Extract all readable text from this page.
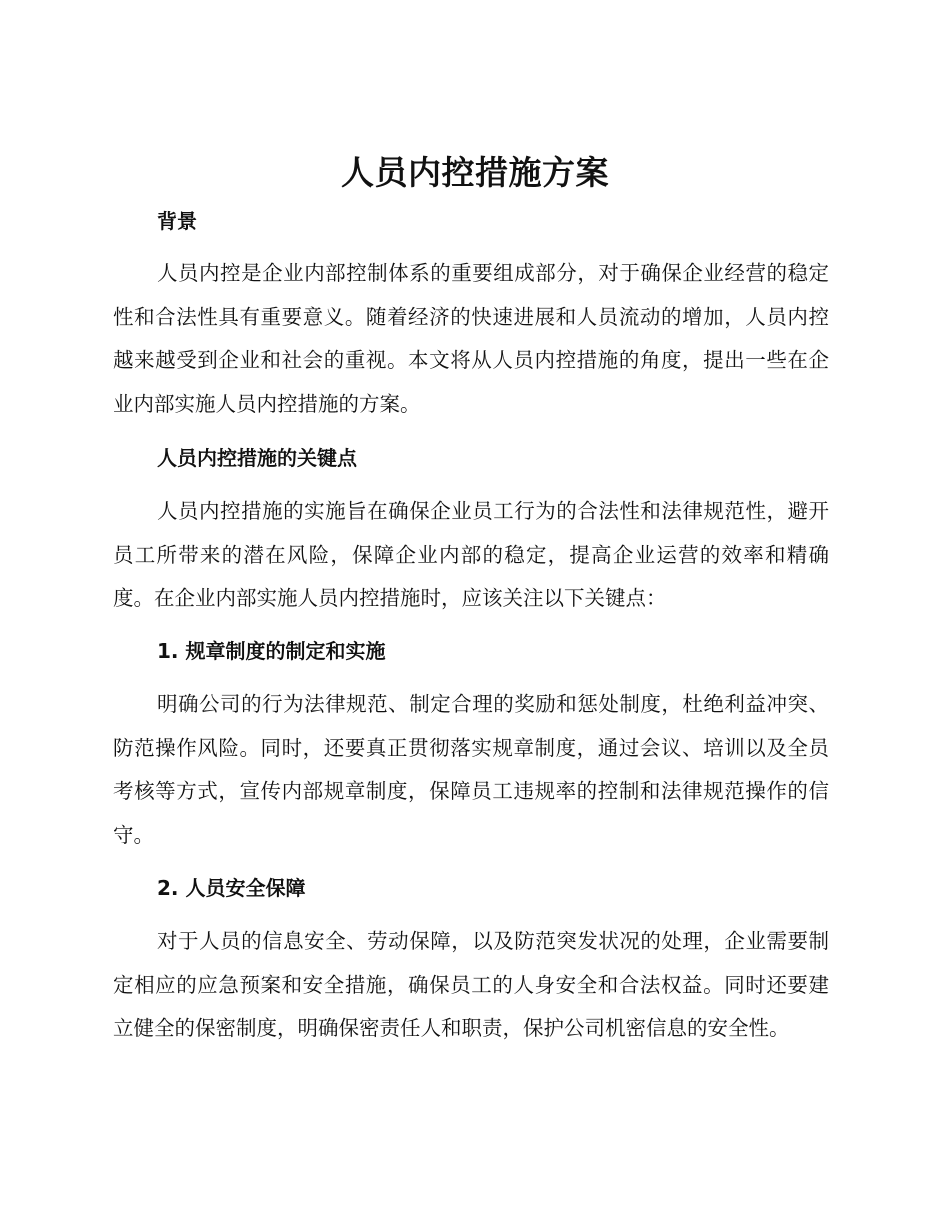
人员内控措施方案
背景
人员内控是企业内部控制体系的重要组成部分，对于确保企业经营的稳定性和合法性具有重要意义。随着经济的快速进展和人员流动的增加，人员内控越来越受到企业和社会的重视。本文将从人员内控措施的角度，提出一些在企业内部实施人员内控措施的方案。
人员内控措施的关键点
人员内控措施的实施旨在确保企业员工行为的合法性和法律规范性，避开员工所带来的潜在风险，保障企业内部的稳定，提高企业运营的效率和精确度。在企业内部实施人员内控措施时，应该关注以下关键点：
1. 规章制度的制定和实施
明确公司的行为法律规范、制定合理的奖励和惩处制度，杜绝利益冲突、防范操作风险。同时，还要真正贯彻落实规章制度，通过会议、培训以及全员考核等方式，宣传内部规章制度，保障员工违规率的控制和法律规范操作的信守。
2. 人员安全保障
对于人员的信息安全、劳动保障，以及防范突发状况的处理，企业需要制定相应的应急预案和安全措施，确保员工的人身安全和合法权益。同时还要建立健全的保密制度，明确保密责任人和职责，保护公司机密信息的安全性。
